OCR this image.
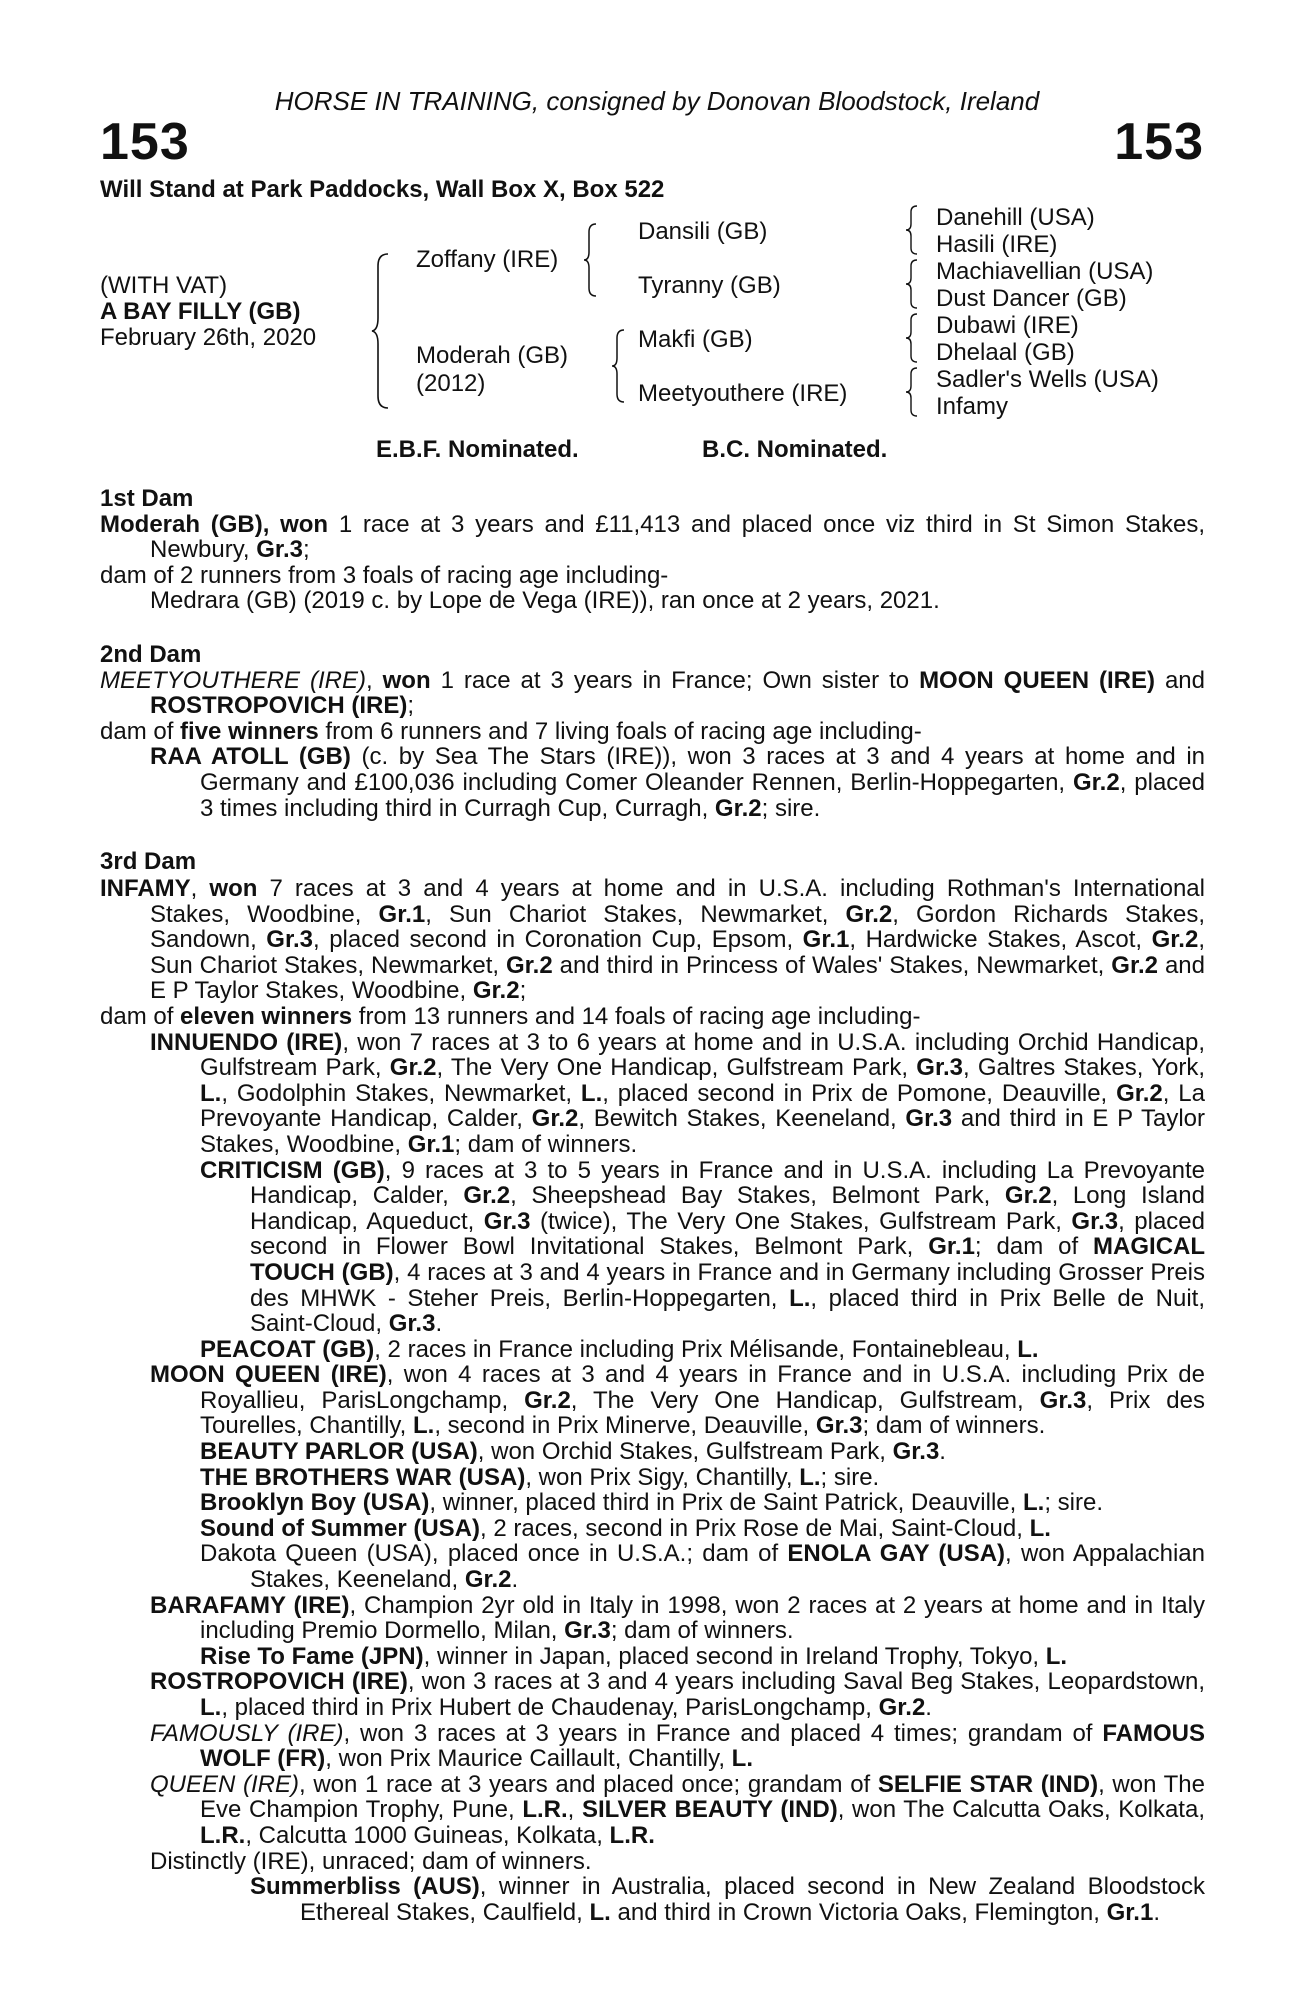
HORSE IN TRAINING, consigned by Donovan Bloodstock, Ireland
153	153
Will Stand at Park Paddocks, Wall Box X, Box 522
(WITH VAT)
A BAY FILLY (GB)
February 26th, 2020
Zoffany (IRE)
Moderah (GB)
(2012)
Dansili (GB)
Tyranny (GB)
Makfi (GB)
Meetyouthere (IRE)
Danehill (USA)
Hasili (IRE)
Machiavellian (USA)
Dust Dancer (GB)
Dubawi (IRE)
Dhelaal (GB)
Sadler's Wells (USA)
Infamy
E.B.F. Nominated.	B.C. Nominated.
1st Dam
Moderah (GB), won 1 race at 3 years and £11,413 and placed once viz third in St Simon Stakes, Newbury, Gr.3;
dam of 2 runners from 3 foals of racing age including-
Medrara (GB) (2019 c. by Lope de Vega (IRE)), ran once at 2 years, 2021.
2nd Dam
MEETYOUTHERE (IRE), won 1 race at 3 years in France; Own sister to MOON QUEEN (IRE) and ROSTROPOVICH (IRE);
dam of five winners from 6 runners and 7 living foals of racing age including-
RAA ATOLL (GB) (c. by Sea The Stars (IRE)), won 3 races at 3 and 4 years at home and in Germany and £100,036 including Comer Oleander Rennen, Berlin-Hoppegarten, Gr.2, placed 3 times including third in Curragh Cup, Curragh, Gr.2; sire.
3rd Dam
INFAMY, won 7 races at 3 and 4 years at home and in U.S.A. including Rothman's International Stakes, Woodbine, Gr.1, Sun Chariot Stakes, Newmarket, Gr.2, Gordon Richards Stakes, Sandown, Gr.3, placed second in Coronation Cup, Epsom, Gr.1, Hardwicke Stakes, Ascot, Gr.2, Sun Chariot Stakes, Newmarket, Gr.2 and third in Princess of Wales' Stakes, Newmarket, Gr.2 and E P Taylor Stakes, Woodbine, Gr.2;
dam of eleven winners from 13 runners and 14 foals of racing age including-
INNUENDO (IRE), won 7 races at 3 to 6 years at home and in U.S.A. including Orchid Handicap, Gulfstream Park, Gr.2, The Very One Handicap, Gulfstream Park, Gr.3, Galtres Stakes, York, L., Godolphin Stakes, Newmarket, L., placed second in Prix de Pomone, Deauville, Gr.2, La Prevoyante Handicap, Calder, Gr.2, Bewitch Stakes, Keeneland, Gr.3 and third in E P Taylor Stakes, Woodbine, Gr.1; dam of winners.
CRITICISM (GB), 9 races at 3 to 5 years in France and in U.S.A. including La Prevoyante Handicap, Calder, Gr.2, Sheepshead Bay Stakes, Belmont Park, Gr.2, Long Island Handicap, Aqueduct, Gr.3 (twice), The Very One Stakes, Gulfstream Park, Gr.3, placed second in Flower Bowl Invitational Stakes, Belmont Park, Gr.1; dam of MAGICAL TOUCH (GB), 4 races at 3 and 4 years in France and in Germany including Grosser Preis des MHWK - Steher Preis, Berlin-Hoppegarten, L., placed third in Prix Belle de Nuit, Saint-Cloud, Gr.3.
PEACOAT (GB), 2 races in France including Prix Mélisande, Fontainebleau, L.
MOON QUEEN (IRE), won 4 races at 3 and 4 years in France and in U.S.A. including Prix de Royallieu, ParisLongchamp, Gr.2, The Very One Handicap, Gulfstream, Gr.3, Prix des Tourelles, Chantilly, L., second in Prix Minerve, Deauville, Gr.3; dam of winners.
BEAUTY PARLOR (USA), won Orchid Stakes, Gulfstream Park, Gr.3.
THE BROTHERS WAR (USA), won Prix Sigy, Chantilly, L.; sire.
Brooklyn Boy (USA), winner, placed third in Prix de Saint Patrick, Deauville, L.; sire.
Sound of Summer (USA), 2 races, second in Prix Rose de Mai, Saint-Cloud, L.
Dakota Queen (USA), placed once in U.S.A.; dam of ENOLA GAY (USA), won Appalachian Stakes, Keeneland, Gr.2.
BARAFAMY (IRE), Champion 2yr old in Italy in 1998, won 2 races at 2 years at home and in Italy including Premio Dormello, Milan, Gr.3; dam of winners.
Rise To Fame (JPN), winner in Japan, placed second in Ireland Trophy, Tokyo, L.
ROSTROPOVICH (IRE), won 3 races at 3 and 4 years including Saval Beg Stakes, Leopardstown, L., placed third in Prix Hubert de Chaudenay, ParisLongchamp, Gr.2.
FAMOUSLY (IRE), won 3 races at 3 years in France and placed 4 times; grandam of FAMOUS WOLF (FR), won Prix Maurice Caillault, Chantilly, L.
QUEEN (IRE), won 1 race at 3 years and placed once; grandam of SELFIE STAR (IND), won The Eve Champion Trophy, Pune, L.R., SILVER BEAUTY (IND), won The Calcutta Oaks, Kolkata, L.R., Calcutta 1000 Guineas, Kolkata, L.R.
Distinctly (IRE), unraced; dam of winners.
Summerbliss (AUS), winner in Australia, placed second in New Zealand Bloodstock Ethereal Stakes, Caulfield, L. and third in Crown Victoria Oaks, Flemington, Gr.1.
